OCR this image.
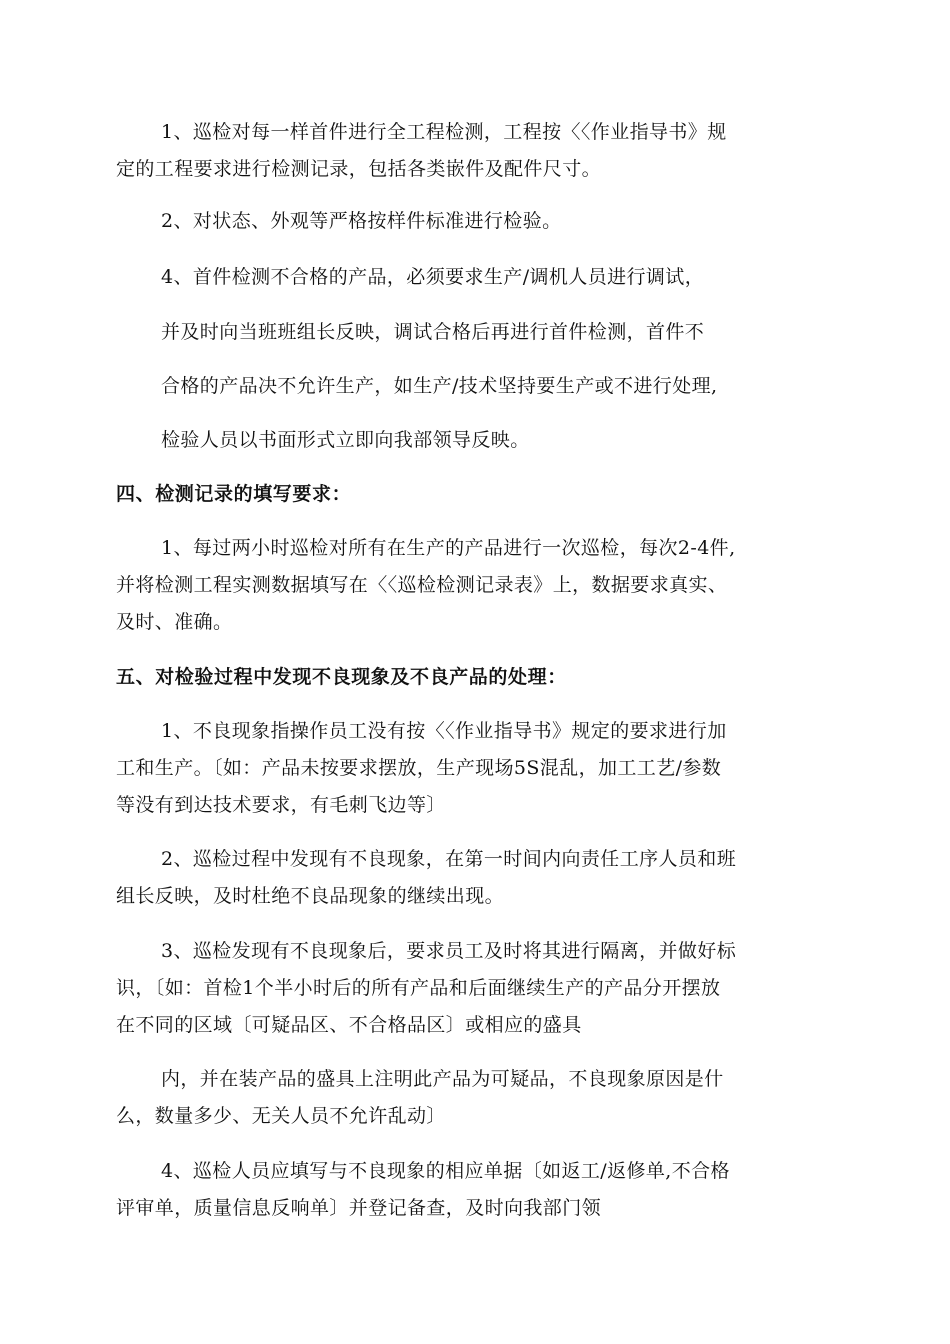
1、巡检对每一样首件进行全工程检测，工程按〈〈作业指导书》规
定的工程要求进行检测记录，包括各类嵌件及配件尺寸。
2、对状态、外观等严格按样件标准进行检验。
4、首件检测不合格的产品，必须要求生产/调机人员进行调试，
并及时向当班班组长反映，调试合格后再进行首件检测，首件不
合格的产品决不允许生产，如生产/技术坚持要生产或不进行处理,
检验人员以书面形式立即向我部领导反映。
四、检测记录的填写要求：
1、每过两小时巡检对所有在生产的产品进行一次巡检，每次2-4件,
并将检测工程实测数据填写在〈〈巡检检测记录表》上，数据要求真实、
及时、准确。
五、对检验过程中发现不良现象及不良产品的处理：
1、不良现象指操作员工没有按〈〈作业指导书》规定的要求进行加
工和生产。〔如：产品未按要求摆放，生产现场5S混乱，加工工艺/参数
等没有到达技术要求，有毛刺飞边等〕
2、巡检过程中发现有不良现象，在第一时间内向责任工序人员和班
组长反映，及时杜绝不良品现象的继续出现。
3、巡检发现有不良现象后，要求员工及时将其进行隔离，并做好标
识，〔如：首检1个半小时后的所有产品和后面继续生产的产品分开摆放
在不同的区域〔可疑品区、不合格品区〕或相应的盛具
内，并在装产品的盛具上注明此产品为可疑品，不良现象原因是什
么，数量多少、无关人员不允许乱动〕
4、巡检人员应填写与不良现象的相应单据〔如返工/返修单,不合格
评审单，质量信息反响单〕并登记备查，及时向我部门领
